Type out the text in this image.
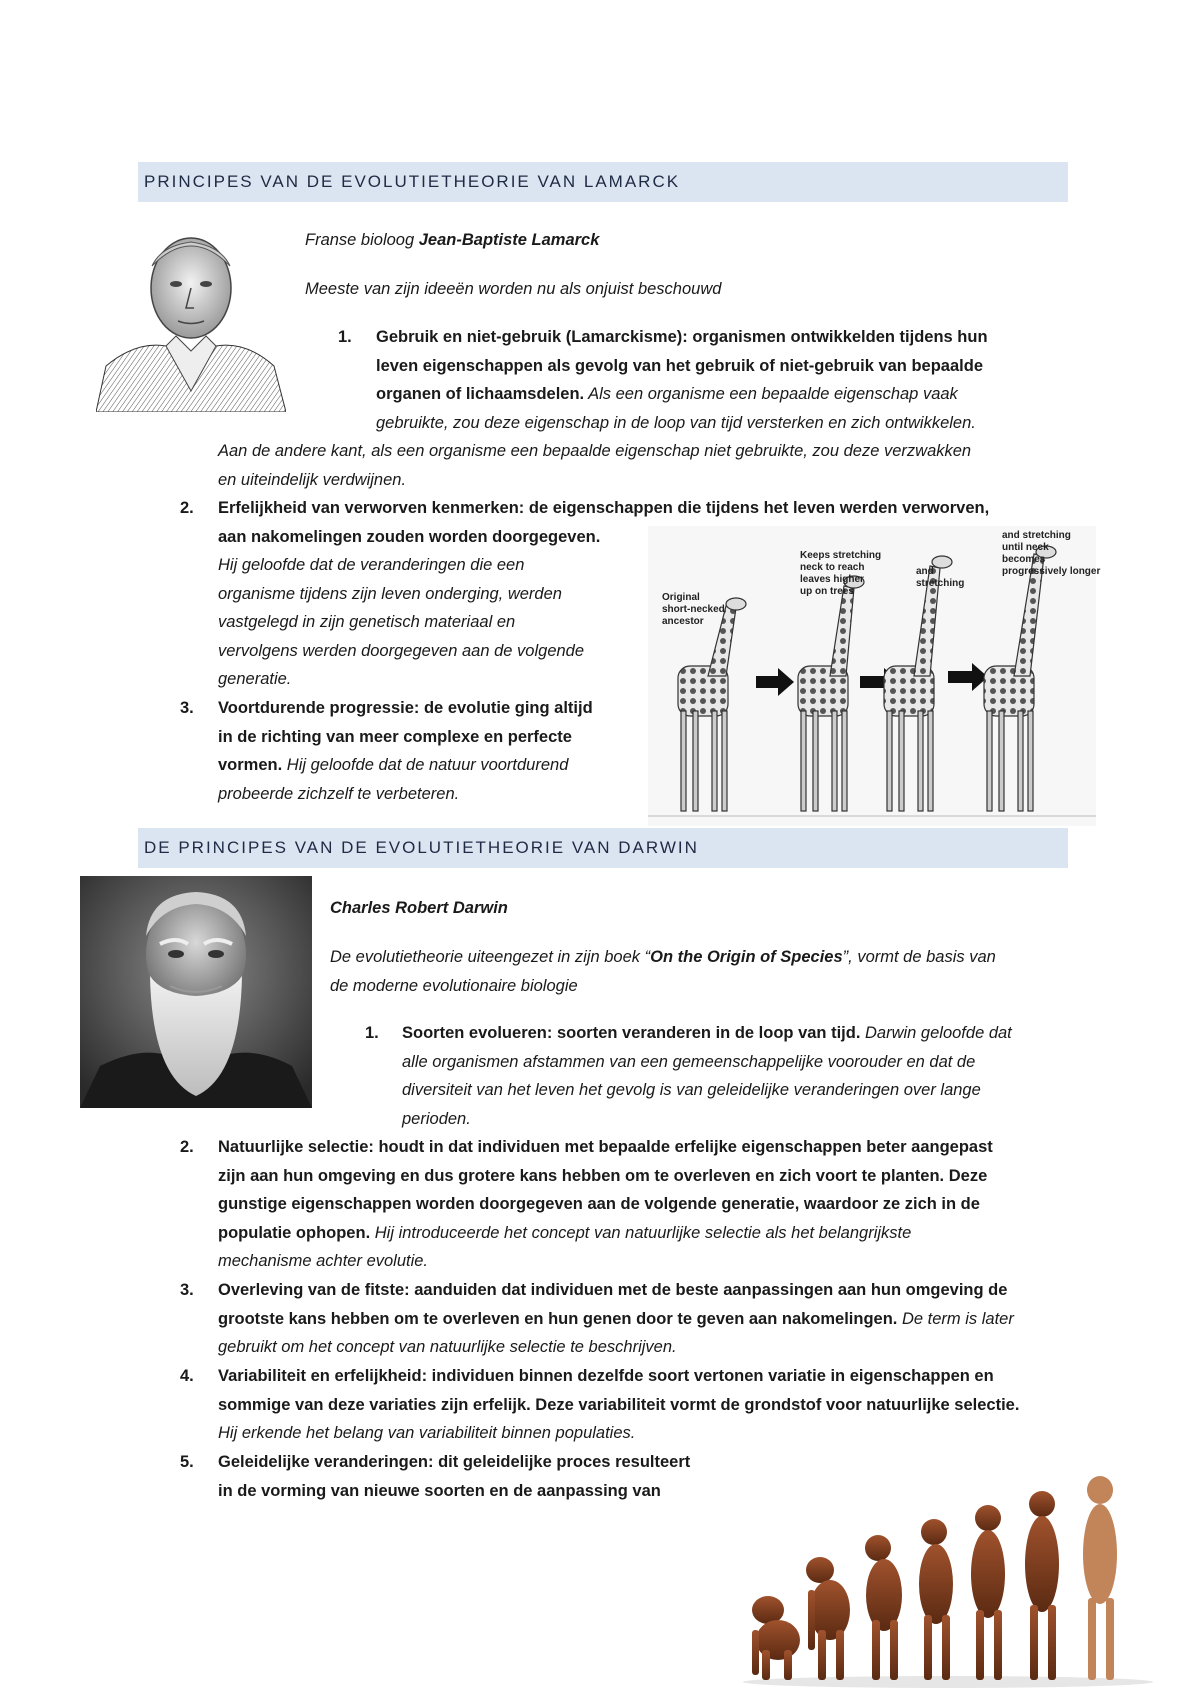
PRINCIPES VAN DE EVOLUTIETHEORIE VAN LAMARCK
Franse bioloog Jean-Baptiste Lamarck
Meeste van zijn ideeën worden nu als onjuist beschouwd
1. Gebruik en niet-gebruik (Lamarckisme): organismen ontwikkelden tijdens hun
leven eigenschappen als gevolg van het gebruik of niet-gebruik van bepaalde
organen of lichaamsdelen. Als een organisme een bepaalde eigenschap vaak
gebruikte, zou deze eigenschap in de loop van tijd versterken en zich ontwikkelen.
Aan de andere kant, als een organisme een bepaalde eigenschap niet gebruikte, zou deze verzwakken
en uiteindelijk verdwijnen.
2. Erfelijkheid van verworven kenmerken: de eigenschappen die tijdens het leven werden verworven,
aan nakomelingen zouden worden doorgegeven.
Hij geloofde dat de veranderingen die een
organisme tijdens zijn leven onderging, werden
vastgelegd in zijn genetisch materiaal en
vervolgens werden doorgegeven aan de volgende
generatie.
3. Voortdurende progressie: de evolutie ging altijd
in de richting van meer complexe en perfecte
vormen. Hij geloofde dat de natuur voortdurend
probeerde zichzelf te verbeteren.
Original
short-necked
ancestor
Keeps stretching
neck to reach
leaves higher
up on trees
and
stretching
and stretching
until neck
becomes
progressively longer
DE PRINCIPES VAN DE EVOLUTIETHEORIE VAN DARWIN
Charles Robert Darwin
De evolutietheorie uiteengezet in zijn boek “On the Origin of Species”, vormt de basis van
de moderne evolutionaire biologie
1. Soorten evolueren: soorten veranderen in de loop van tijd. Darwin geloofde dat
alle organismen afstammen van een gemeenschappelijke voorouder en dat de
diversiteit van het leven het gevolg is van geleidelijke veranderingen over lange
perioden.
2. Natuurlijke selectie: houdt in dat individuen met bepaalde erfelijke eigenschappen beter aangepast
zijn aan hun omgeving en dus grotere kans hebben om te overleven en zich voort te planten. Deze
gunstige eigenschappen worden doorgegeven aan de volgende generatie, waardoor ze zich in de
populatie ophopen. Hij introduceerde het concept van natuurlijke selectie als het belangrijkste
mechanisme achter evolutie.
3. Overleving van de fitste: aanduiden dat individuen met de beste aanpassingen aan hun omgeving de
grootste kans hebben om te overleven en hun genen door te geven aan nakomelingen. De term is later
gebruikt om het concept van natuurlijke selectie te beschrijven.
4. Variabiliteit en erfelijkheid: individuen binnen dezelfde soort vertonen variatie in eigenschappen en
sommige van deze variaties zijn erfelijk. Deze variabiliteit vormt de grondstof voor natuurlijke selectie.
Hij erkende het belang van variabiliteit binnen populaties.
5. Geleidelijke veranderingen: dit geleidelijke proces resulteert
in de vorming van nieuwe soorten en de aanpassing van
